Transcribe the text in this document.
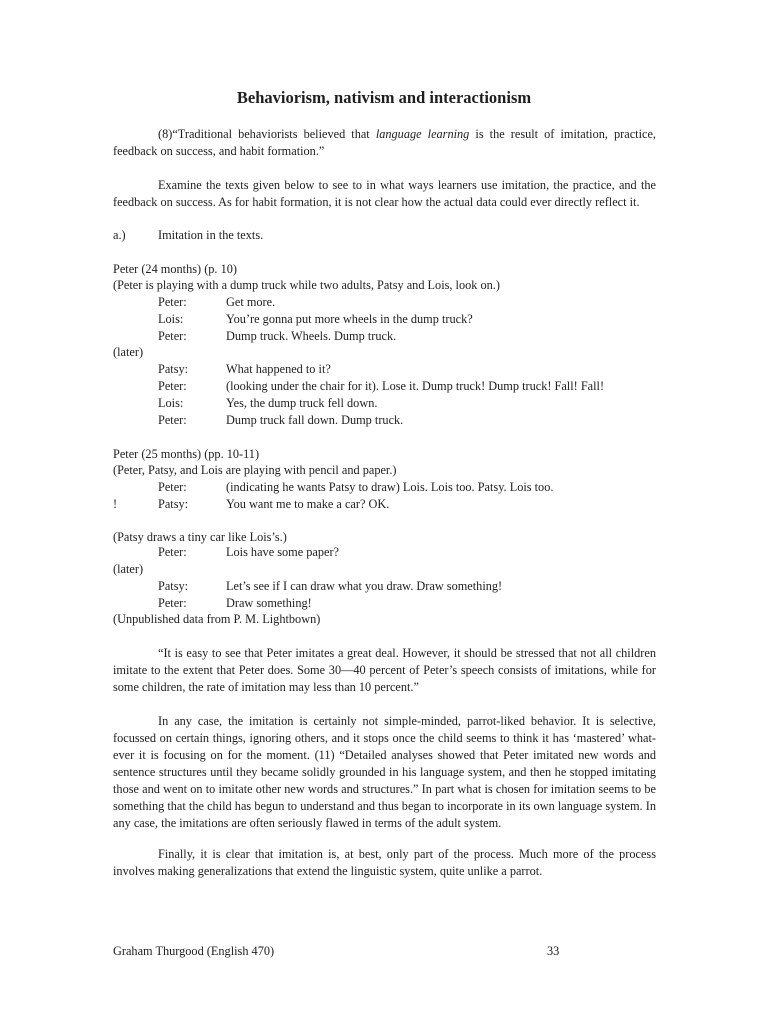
Behaviorism, nativism and interactionism
(8)“Traditional behaviorists believed that language learning is the result of imitation, practice, feedback on success, and habit formation.”
Examine the texts given below to see to in what ways learners use imitation, the practice, and the feedback on success. As for habit formation, it is not clear how the actual data could ever directly reflect it.
a.)	Imitation in the texts.
Peter (24 months) (p. 10)
(Peter is playing with a dump truck while two adults, Patsy and Lois, look on.)
Peter:	Get more.
Lois:	You’re gonna put more wheels in the dump truck?
Peter:	Dump truck. Wheels. Dump truck.
(later)
Patsy:	What happened to it?
Peter:	(looking under the chair for it). Lose it. Dump truck! Dump truck! Fall! Fall!
Lois:	Yes, the dump truck fell down.
Peter:	Dump truck fall down. Dump truck.
Peter (25 months) (pp. 10-11)
(Peter, Patsy, and Lois are playing with pencil and paper.)
Peter:	(indicating he wants Patsy to draw) Lois. Lois too. Patsy. Lois too.
!	Patsy:	You want me to make a car? OK.
(Patsy draws a tiny car like Lois’s.)
Peter:	Lois have some paper?
(later)
Patsy:	Let’s see if I can draw what you draw. Draw something!
Peter:	Draw something!
(Unpublished data from P. M. Lightbown)
“It is easy to see that Peter imitates a great deal. However, it should be stressed that not all children imitate to the extent that Peter does. Some 30—40 percent of Peter’s speech consists of imitations, while for some children, the rate of imitation may less than 10 percent.”
In any case, the imitation is certainly not simple-minded, parrot-liked behavior. It is selective, focussed on certain things, ignoring others, and it stops once the child seems to think it has ‘mastered’ whatever it is focusing on for the moment. (11) “Detailed analyses showed that Peter imitated new words and sentence structures until they became solidly grounded in his language system, and then he stopped imitating those and went on to imitate other new words and structures.” In part what is chosen for imitation seems to be something that the child has begun to understand and thus began to incorporate in its own language system. In any case, the imitations are often seriously flawed in terms of the adult system.
Finally, it is clear that imitation is, at best, only part of the process. Much more of the process involves making generalizations that extend the linguistic system, quite unlike a parrot.
Graham Thurgood (English 470)	33
